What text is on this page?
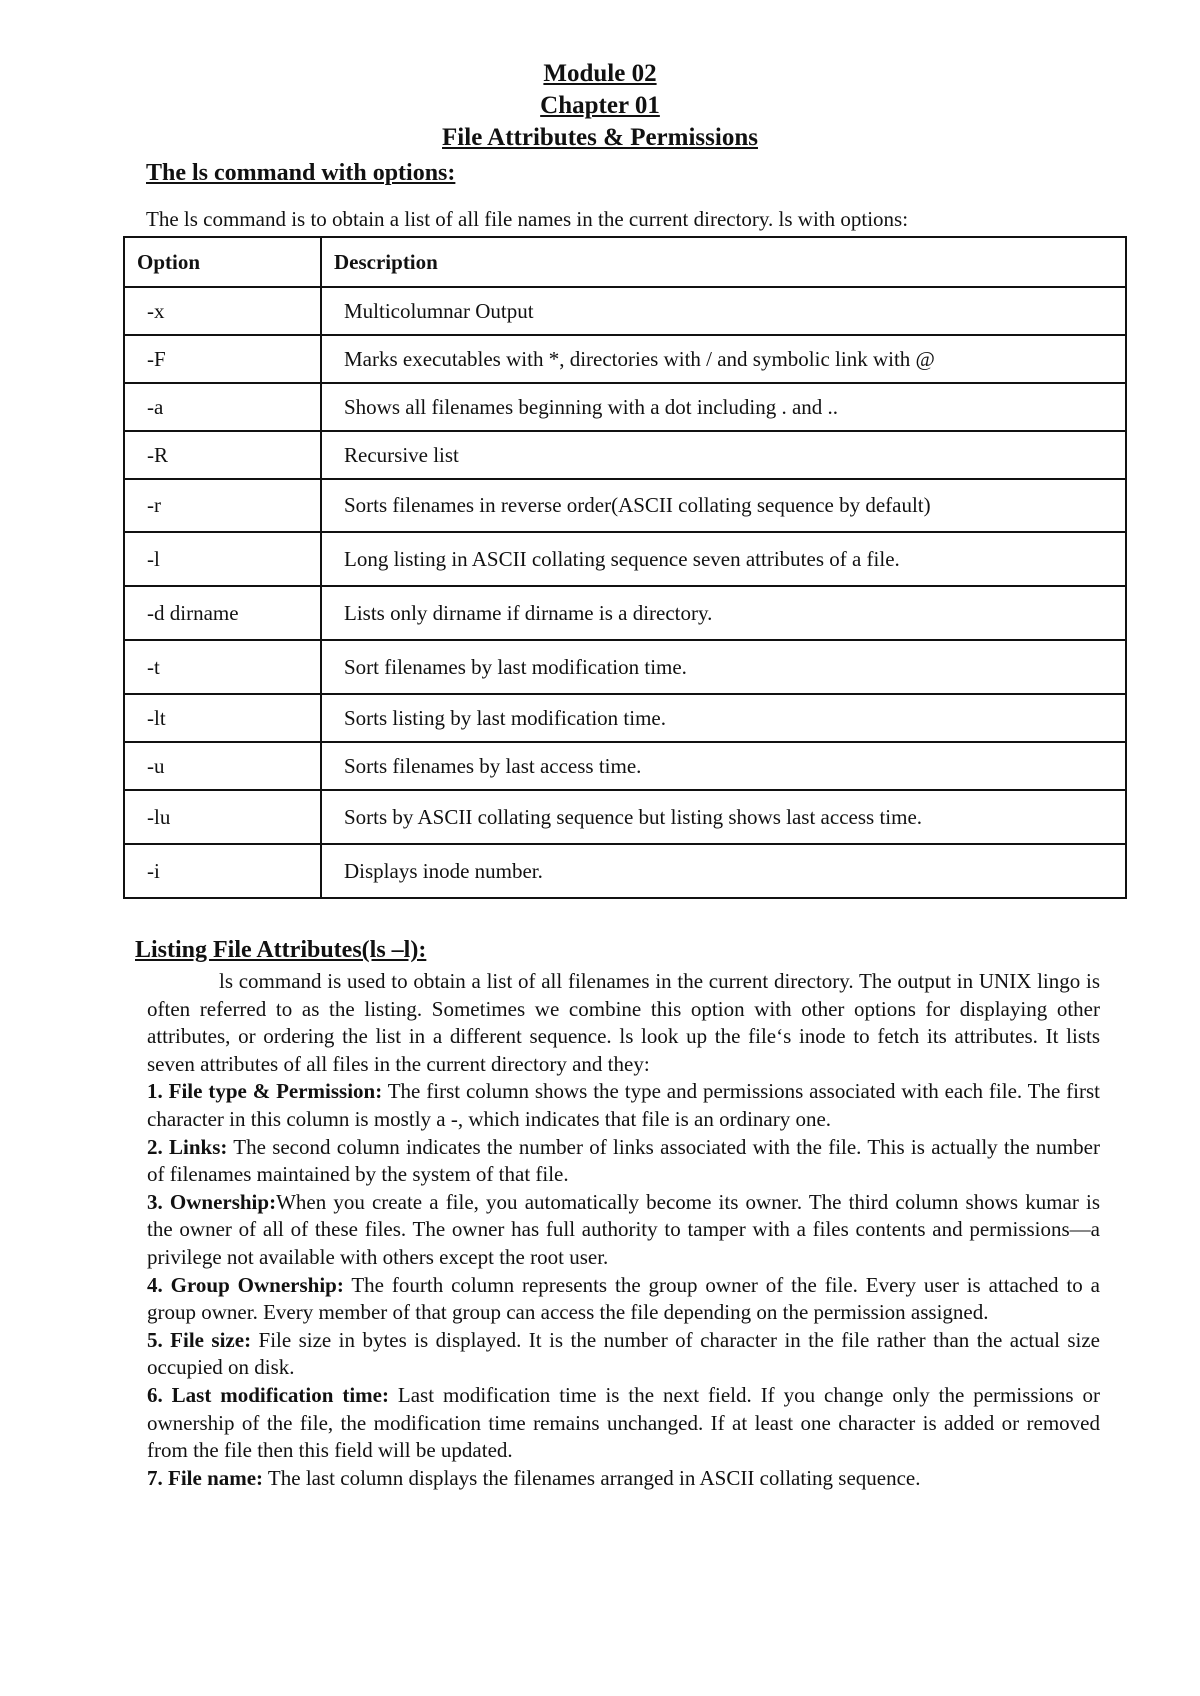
Module 02

Chapter 01

File Attributes & Permissions

The ls command with options:

The ls command is to obtain a list of all file names in the current directory. ls with options:

Option	Description
-x	Multicolumnar Output
-F	Marks executables with *, directories with / and symbolic link with @
-a	Shows all filenames beginning with a dot including . and ..
-R	Recursive list
-r	Sorts filenames in reverse order(ASCII collating sequence by default)
-l	Long listing in ASCII collating sequence seven attributes of a file.
-d dirname	Lists only dirname if dirname is a directory.
-t	Sort filenames by last modification time.
-lt	Sorts listing by last modification time.
-u	Sorts filenames by last access time.
-lu	Sorts by ASCII collating sequence but listing shows last access time.
-i	Displays inode number.

Listing File Attributes(ls –l):

ls command is used to obtain a list of all filenames in the current directory. The output in UNIX lingo is often referred to as the listing. Sometimes we combine this option with other options for displaying other attributes, or ordering the list in a different sequence. ls look up the file‘s inode to fetch its attributes. It lists seven attributes of all files in the current directory and they:

1. File type & Permission: The first column shows the type and permissions associated with each file. The first character in this column is mostly a -, which indicates that file is an ordinary one.

2. Links: The second column indicates the number of links associated with the file. This is actually the number of filenames maintained by the system of that file.

3. Ownership:When you create a file, you automatically become its owner. The third column shows kumar is the owner of all of these files. The owner has full authority to tamper with a files contents and permissions—a privilege not available with others except the root user.

4. Group Ownership: The fourth column represents the group owner of the file. Every user is attached to a group owner. Every member of that group can access the file depending on the permission assigned.

5. File size: File size in bytes is displayed. It is the number of character in the file rather than the actual size occupied on disk.

6. Last modification time: Last modification time is the next field. If you change only the permissions or ownership of the file, the modification time remains unchanged. If at least one character is added or removed from the file then this field will be updated.

7. File name: The last column displays the filenames arranged in ASCII collating sequence.
